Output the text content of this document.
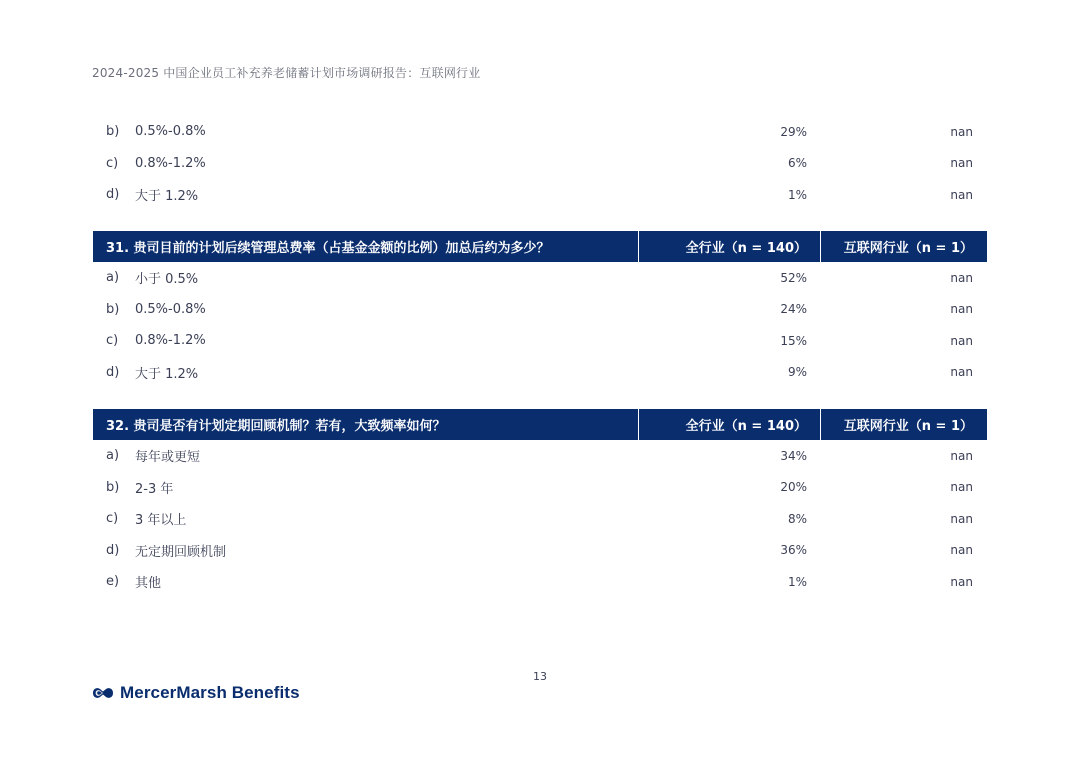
2024-2025 中国企业员工补充养老储蓄计划市场调研报告：互联网行业
b)	0.5%-0.8%	29%	nan
c)	0.8%-1.2%	6%	nan
d)	大于 1.2%	1%	nan
31. 贵司目前的计划后续管理总费率（占基金金额的比例）加总后约为多少？	全行业（n = 140）	互联网行业（n = 1）
a)	小于 0.5%	52%	nan
b)	0.5%-0.8%	24%	nan
c)	0.8%-1.2%	15%	nan
d)	大于 1.2%	9%	nan
32. 贵司是否有计划定期回顾机制？若有，大致频率如何？	全行业（n = 140）	互联网行业（n = 1）
a)	每年或更短	34%	nan
b)	2-3 年	20%	nan
c)	3 年以上	8%	nan
d)	无定期回顾机制	36%	nan
e)	其他	1%	nan
13
MercerMarsh Benefits
